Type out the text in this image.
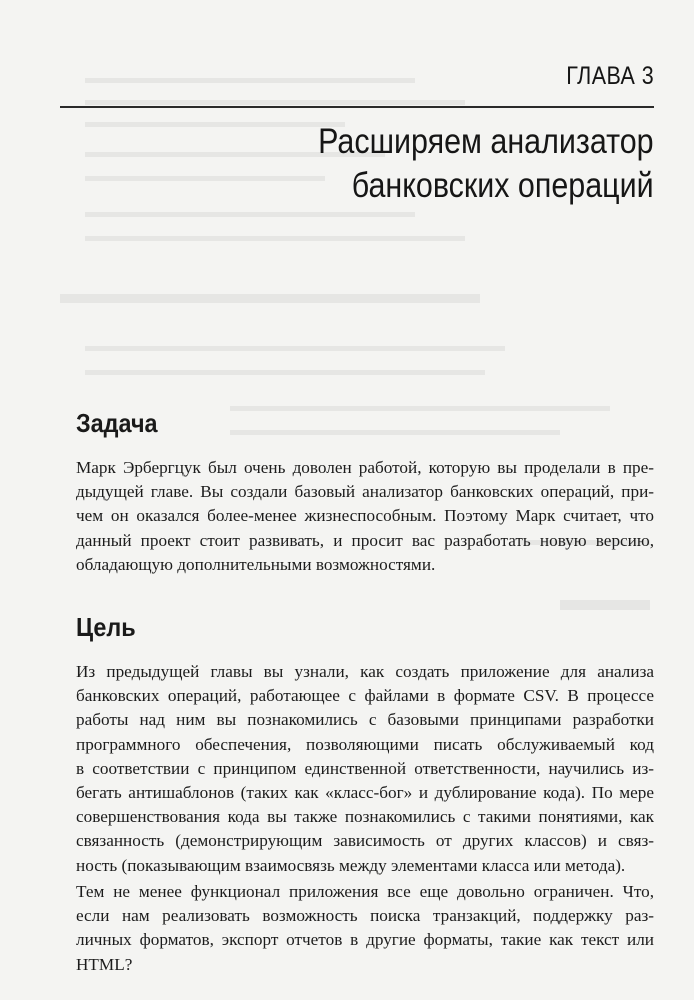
ГЛАВА 3
Расширяем анализатор
банковских операций
Задача

Марк Эрбергцук был очень доволен работой, которую вы проделали в пре-
дыдущей главе. Вы создали базовый анализатор банковских операций, при-
чем он оказался более-менее жизнеспособным. Поэтому Марк считает, что
данный проект стоит развивать, и просит вас разработать новую версию,
обладающую дополнительными возможностями.

Цель

Из предыдущей главы вы узнали, как создать приложение для анализа
банковских операций, работающее с файлами в формате CSV. В процессе
работы над ним вы познакомились с базовыми принципами разработки
программного обеспечения, позволяющими писать обслуживаемый код
в соответствии с принципом единственной ответственности, научились из-
бегать антишаблонов (таких как «класс-бог» и дублирование кода). По мере
совершенствования кода вы также познакомились с такими понятиями, как
связанность (демонстрирующим зависимость от других классов) и связ-
ность (показывающим взаимосвязь между элементами класса или метода).

Тем не менее функционал приложения все еще довольно ограничен. Что,
если нам реализовать возможность поиска транзакций, поддержку раз-
личных форматов, экспорт отчетов в другие форматы, такие как текст или
HTML?
